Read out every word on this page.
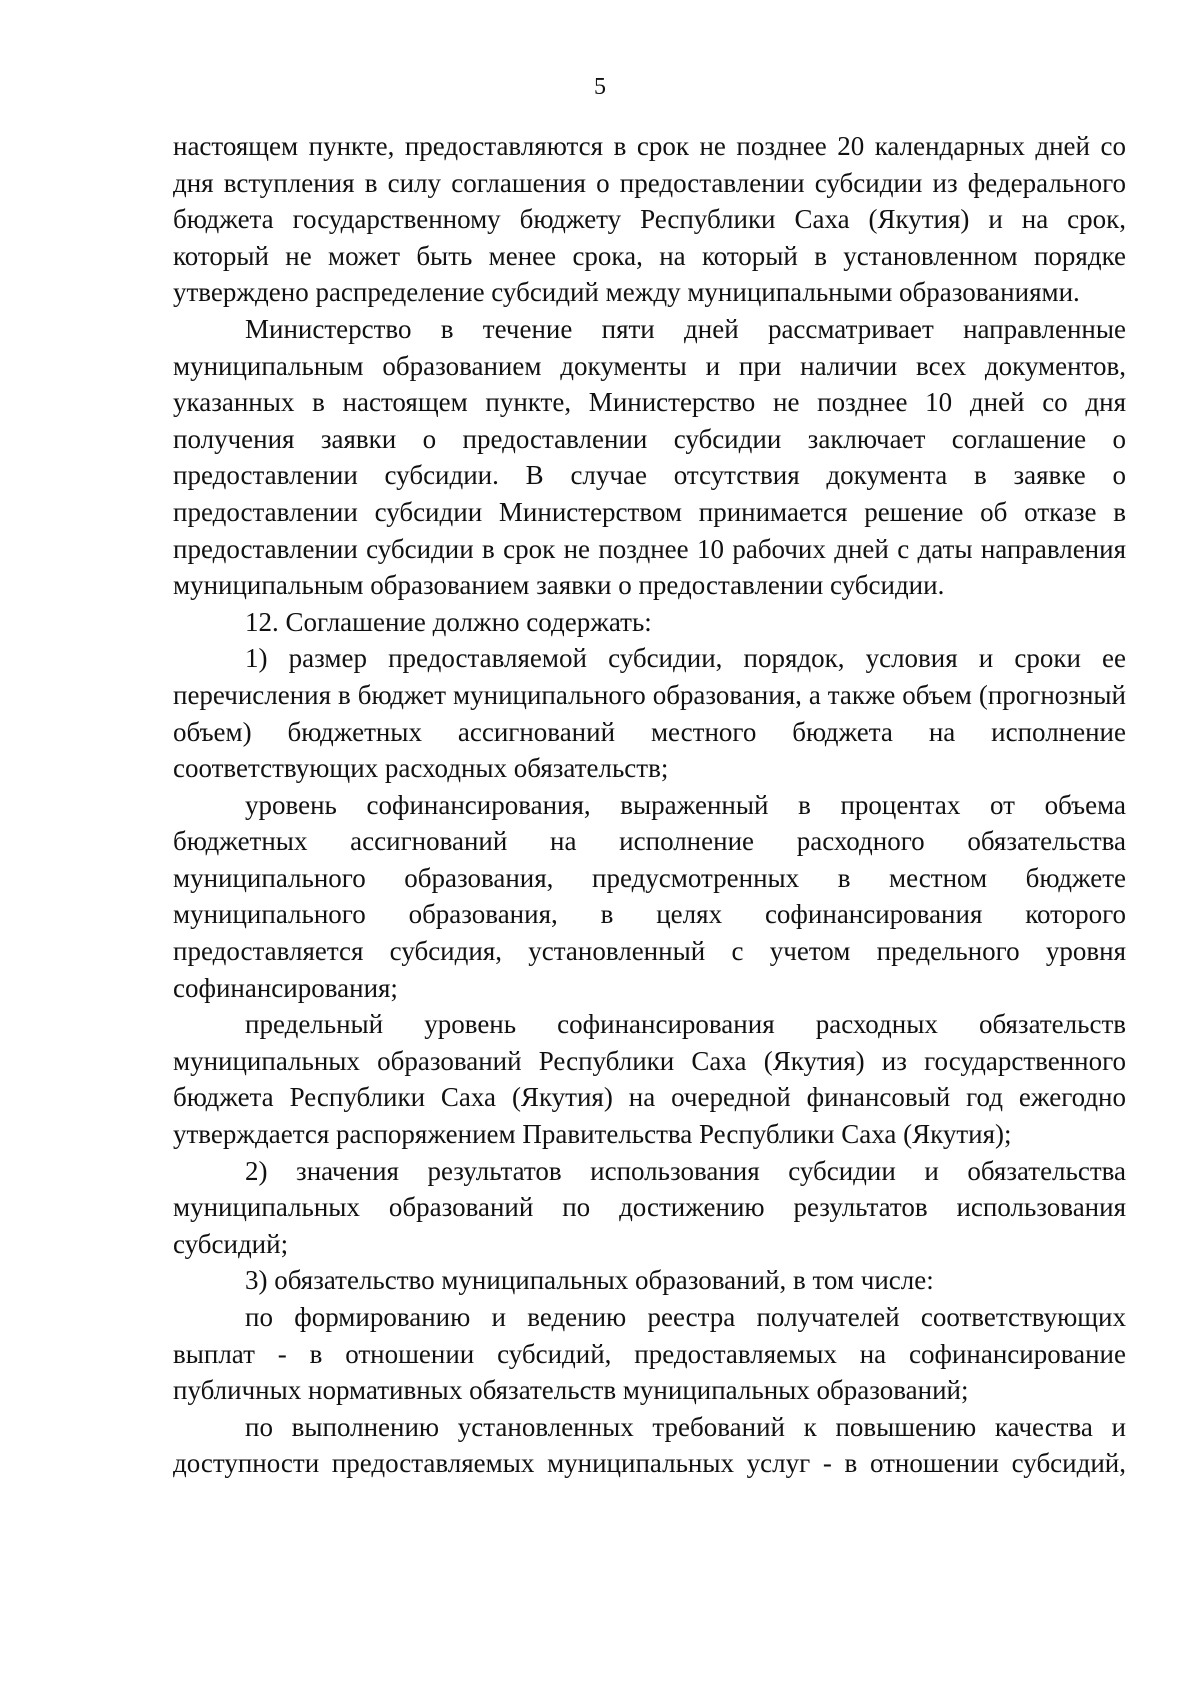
5

настоящем пункте, предоставляются в срок не позднее 20 календарных дней со дня вступления в силу соглашения о предоставлении субсидии из федерального бюджета государственному бюджету Республики Саха (Якутия) и на срок, который не может быть менее срока, на который в установленном порядке утверждено распределение субсидий между муниципальными образованиями.

Министерство в течение пяти дней рассматривает направленные муниципальным образованием документы и при наличии всех документов, указанных в настоящем пункте, Министерство не позднее 10 дней со дня получения заявки о предоставлении субсидии заключает соглашение о предоставлении субсидии. В случае отсутствия документа в заявке о предоставлении субсидии Министерством принимается решение об отказе в предоставлении субсидии в срок не позднее 10 рабочих дней с даты направления муниципальным образованием заявки о предоставлении субсидии.

12. Соглашение должно содержать:

1) размер предоставляемой субсидии, порядок, условия и сроки ее перечисления в бюджет муниципального образования, а также объем (прогнозный объем) бюджетных ассигнований местного бюджета на исполнение соответствующих расходных обязательств;

уровень софинансирования, выраженный в процентах от объема бюджетных ассигнований на исполнение расходного обязательства муниципального образования, предусмотренных в местном бюджете муниципального образования, в целях софинансирования которого предоставляется субсидия, установленный с учетом предельного уровня софинансирования;

предельный уровень софинансирования расходных обязательств муниципальных образований Республики Саха (Якутия) из государственного бюджета Республики Саха (Якутия) на очередной финансовый год ежегодно утверждается распоряжением Правительства Республики Саха (Якутия);

2) значения результатов использования субсидии и обязательства муниципальных образований по достижению результатов использования субсидий;

3) обязательство муниципальных образований, в том числе:

по формированию и ведению реестра получателей соответствующих выплат - в отношении субсидий, предоставляемых на софинансирование публичных нормативных обязательств муниципальных образований;

по выполнению установленных требований к повышению качества и доступности предоставляемых муниципальных услуг - в отношении субсидий,
